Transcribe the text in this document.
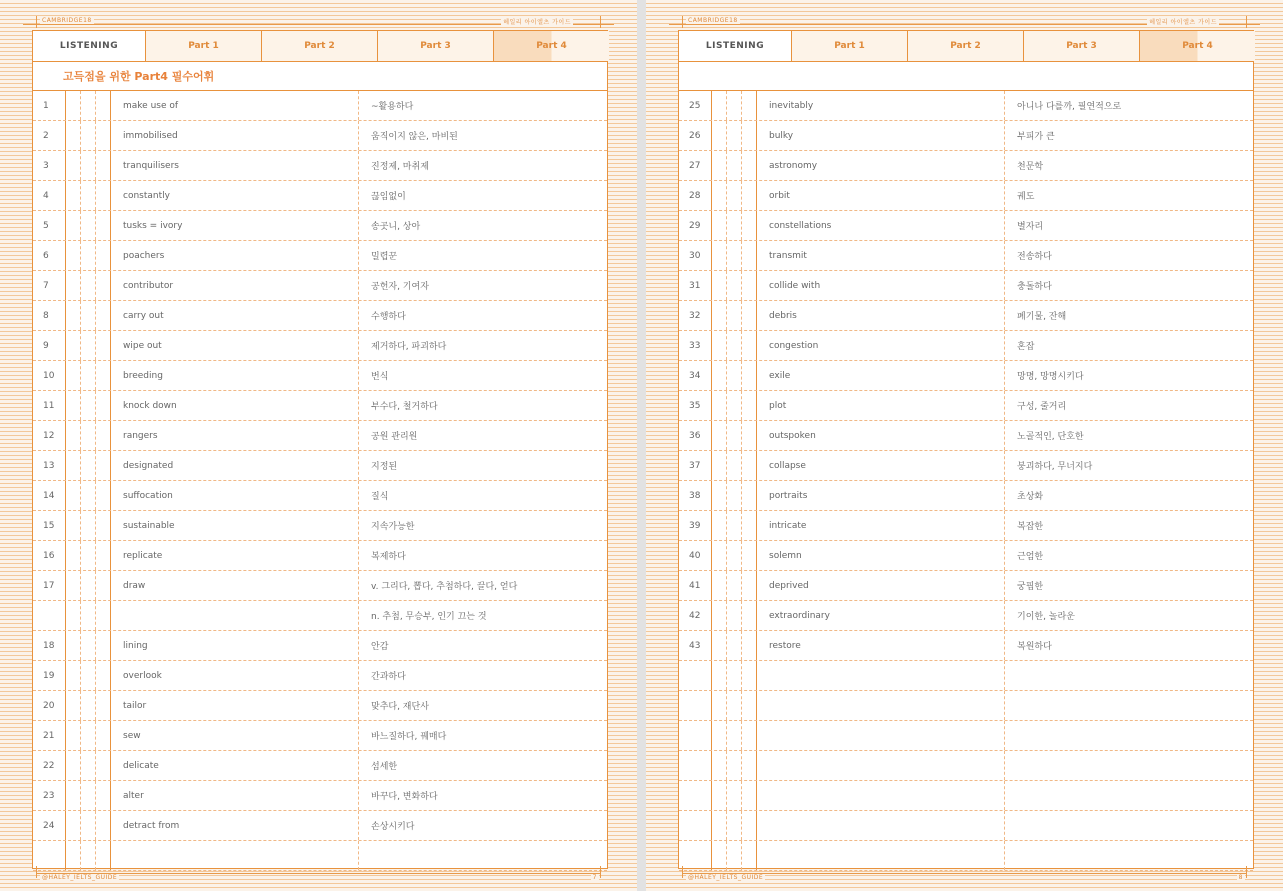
CAMBRIDGE18	헤일리 아이엘츠 가이드
LISTENING	Part 1	Part 2	Part 3	Part 4
고득점을 위한 Part4 필수어휘
1	make use of	~활용하다
2	immobilised	움직이지 않은, 마비된
3	tranquilisers	진정제, 마취제
4	constantly	끊임없이
5	tusks = ivory	송곳니, 상아
6	poachers	밀렵꾼
7	contributor	공헌자, 기여자
8	carry out	수행하다
9	wipe out	제거하다, 파괴하다
10	breeding	번식
11	knock down	부수다, 철거하다
12	rangers	공원 관리원
13	designated	지정된
14	suffocation	질식
15	sustainable	지속가능한
16	replicate	복제하다
17	draw	v. 그리다, 뽑다, 추첨하다, 끌다, 얻다
n. 추첨, 무승부, 인기 끄는 것
18	lining	안감
19	overlook	간과하다
20	tailor	맞추다, 재단사
21	sew	바느질하다, 꿰매다
22	delicate	섬세한
23	alter	바꾸다, 변화하다
24	detract from	손상시키다
@HALEY_IELTS_GUIDE	7
CAMBRIDGE18	헤일리 아이엘츠 가이드
LISTENING	Part 1	Part 2	Part 3	Part 4
25	inevitably	아니나 다를까, 필연적으로
26	bulky	부피가 큰
27	astronomy	천문학
28	orbit	궤도
29	constellations	별자리
30	transmit	전송하다
31	collide with	충돌하다
32	debris	폐기물, 잔해
33	congestion	혼잡
34	exile	망명, 망명시키다
35	plot	구성, 줄거리
36	outspoken	노골적인, 단호한
37	collapse	붕괴하다, 무너지다
38	portraits	초상화
39	intricate	복잡한
40	solemn	근엄한
41	deprived	궁핍한
42	extraordinary	기이한, 놀라운
43	restore	복원하다
@HALEY_IELTS_GUIDE	8
